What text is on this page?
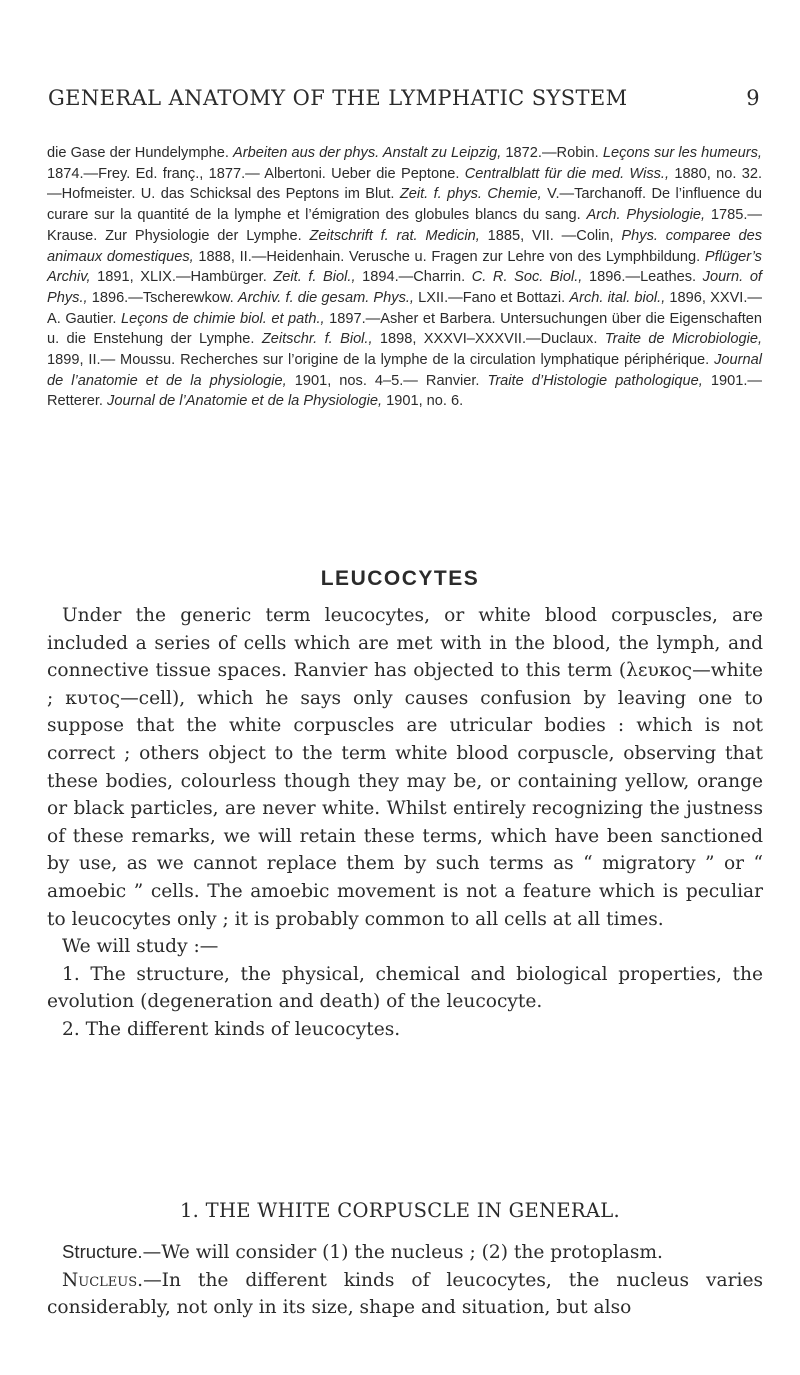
GENERAL ANATOMY OF THE LYMPHATIC SYSTEM	9

die Gase der Hundelymphe. Arbeiten aus der phys. Anstalt zu Leipzig, 1872.—Robin. Leçons sur les humeurs, 1874.—Frey. Ed. franç., 1877.— Albertoni. Ueber die Peptone. Centralblatt für die med. Wiss., 1880, no. 32. —Hofmeister. U. das Schicksal des Peptons im Blut. Zeit. f. phys. Chemie, V.—Tarchanoff. De l’influence du curare sur la quantité de la lymphe et l’émigration des globules blancs du sang. Arch. Physiologie, 1785.— Krause. Zur Physiologie der Lymphe. Zeitschrift f. rat. Medicin, 1885, VII. —Colin, Phys. comparee des animaux domestiques, 1888, II.—Heidenhain. Verusche u. Fragen zur Lehre von des Lymphbildung. Pflüger’s Archiv, 1891, XLIX.—Hambürger. Zeit. f. Biol., 1894.—Charrin. C. R. Soc. Biol., 1896.—Leathes. Journ. of Phys., 1896.—Tscherewkow. Archiv. f. die gesam. Phys., LXII.—Fano et Bottazi. Arch. ital. biol., 1896, XXVI.—A. Gautier. Leçons de chimie biol. et path., 1897.—Asher et Barbera. Untersuchungen über die Eigenschaften u. die Enstehung der Lymphe. Zeitschr. f. Biol., 1898, XXXVI–XXXVII.—Duclaux. Traite de Microbiologie, 1899, II.— Moussu. Recherches sur l’origine de la lymphe de la circulation lymphatique périphérique. Journal de l’anatomie et de la physiologie, 1901, nos. 4–5.— Ranvier. Traite d’Histologie pathologique, 1901.—Retterer. Journal de l’Anatomie et de la Physiologie, 1901, no. 6.

LEUCOCYTES

Under the generic term leucocytes, or white blood corpuscles, are included a series of cells which are met with in the blood, the lymph, and connective tissue spaces. Ranvier has objected to this term (λευκος—white ; κυτος—cell), which he says only causes confusion by leaving one to suppose that the white corpuscles are utricular bodies : which is not correct ; others object to the term white blood corpuscle, observing that these bodies, colourless though they may be, or containing yellow, orange or black particles, are never white. Whilst entirely recognizing the justness of these remarks, we will retain these terms, which have been sanctioned by use, as we cannot replace them by such terms as “ migratory ” or “ amoebic ” cells. The amoebic movement is not a feature which is peculiar to leucocytes only ; it is probably common to all cells at all times.

We will study :—

1. The structure, the physical, chemical and biological properties, the evolution (degeneration and death) of the leucocyte.

2. The different kinds of leucocytes.

1. THE WHITE CORPUSCLE IN GENERAL.

Structure.—We will consider (1) the nucleus ; (2) the protoplasm.

Nucleus.—In the different kinds of leucocytes, the nucleus varies considerably, not only in its size, shape and situation, but also
